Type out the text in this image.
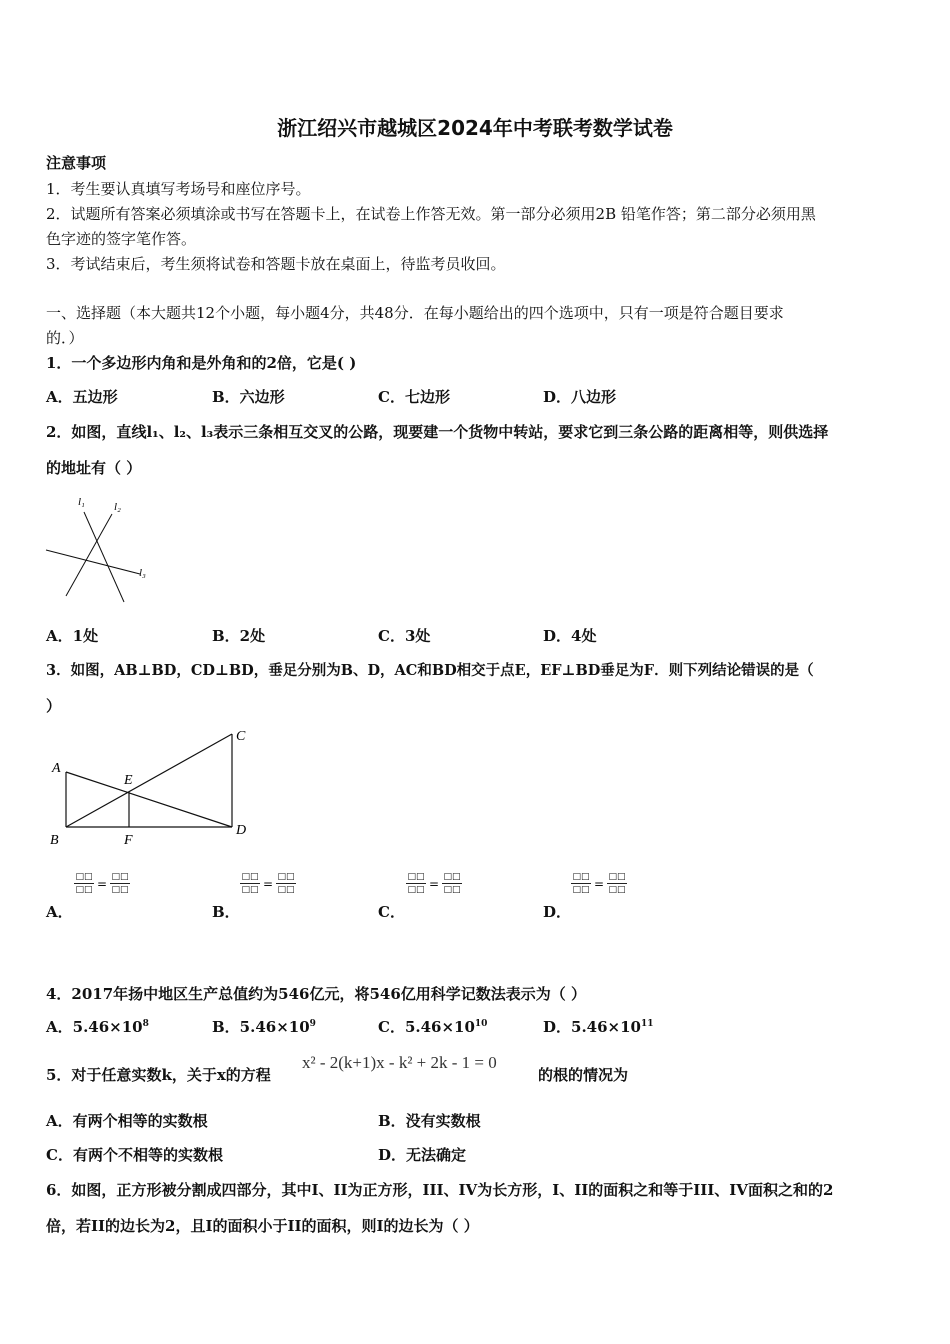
浙江绍兴市越城区2024年中考联考数学试卷
注意事项
1．考生要认真填写考场号和座位序号。
2．试题所有答案必须填涂或书写在答题卡上，在试卷上作答无效。第一部分必须用2B 铅笔作答；第二部分必须用黑
色字迹的签字笔作答。
3．考试结束后，考生须将试卷和答题卡放在桌面上，待监考员收回。
一、选择题（本大题共12个小题，每小题4分，共48分．在每小题给出的四个选项中，只有一项是符合题目要求
的．）
1．一个多边形内角和是外角和的2倍，它是( )
A．五边形	B．六边形	C．七边形	D．八边形
2．如图，直线l₁、l₂、l₃表示三条相互交叉的公路，现要建一个货物中转站，要求它到三条公路的距离相等，则供选择
的地址有（ ）
l₁	l₂
l₃
A．1处	B．2处	C．3处	D．4处
3．如图，AB⊥BD，CD⊥BD，垂足分别为B、D，AC和BD相交于点E，EF⊥BD垂足为F．则下列结论错误的是（
）
A
B
C
D
E
F
□□
□□ = □□
□□
□□
□□ = □□
□□
□□
□□ = □□
□□
□□
□□ = □□
□□
A．	B．	C．	D．
4．2017年扬中地区生产总值约为546亿元，将546亿用科学记数法表示为（ ）
A．$5.46\times 10^8$	B．$5.46\times 10^9$	C．$5.46\times 10^{10}$	D．$5.46\times 10^{11}$
5．对于任意实数k，关于x的方程
x² - 2(k+1)x - k² + 2k - 1 = 0
的根的情况为
A．有两个相等的实数根	B．没有实数根
C．有两个不相等的实数根	D．无法确定
6．如图，正方形被分割成四部分，其中I、II为正方形，III、IV为长方形，I、II的面积之和等于III、IV面积之和的2
倍，若II的边长为2，且I的面积小于II的面积，则I的边长为（ ）
